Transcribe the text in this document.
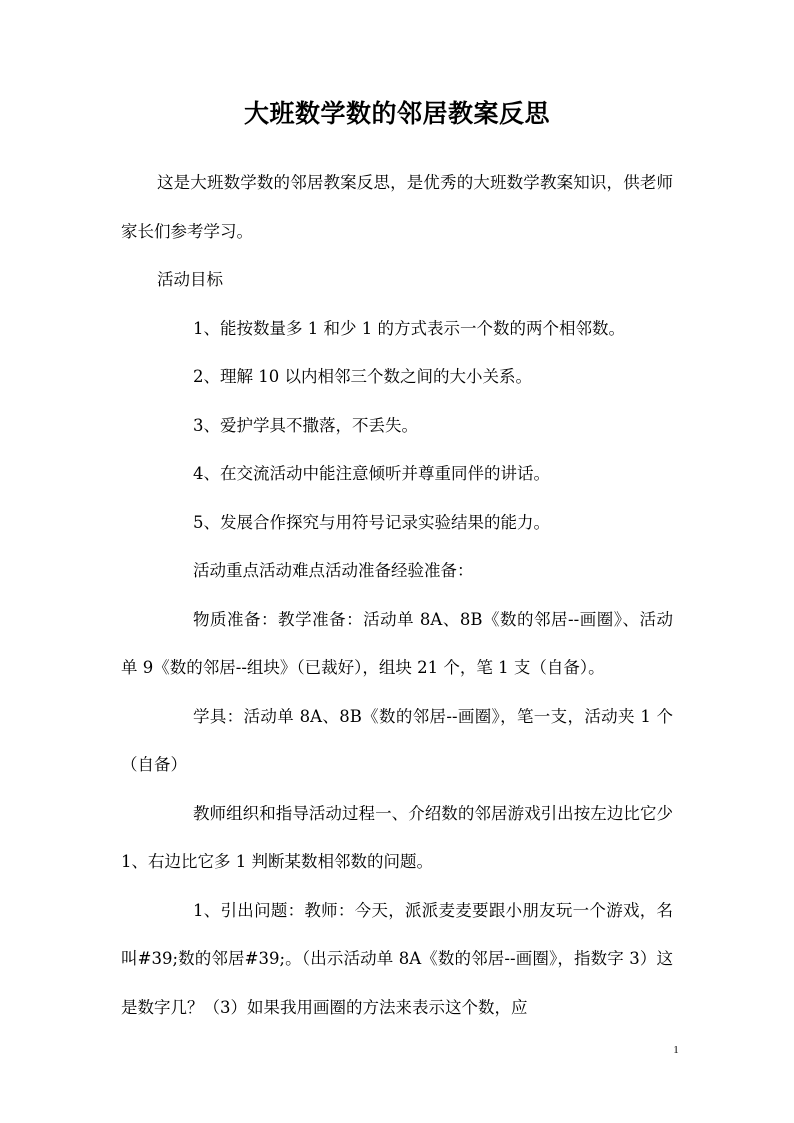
大班数学数的邻居教案反思

这是大班数学数的邻居教案反思，是优秀的大班数学教案知识，供老师家长们参考学习。

活动目标

1、能按数量多 1 和少 1 的方式表示一个数的两个相邻数。

2、理解 10 以内相邻三个数之间的大小关系。

3、爱护学具不撒落，不丢失。

4、在交流活动中能注意倾听并尊重同伴的讲话。

5、发展合作探究与用符号记录实验结果的能力。

活动重点活动难点活动准备经验准备：

物质准备：教学准备：活动单 8A、8B《数的邻居--画圈》、活动单 9《数的邻居--组块》（已裁好），组块 21 个，笔 1 支（自备）。

学具：活动单 8A、8B《数的邻居--画圈》，笔一支，活动夹 1 个（自备）

教师组织和指导活动过程一、介绍数的邻居游戏引出按左边比它少 1、右边比它多 1 判断某数相邻数的问题。

1、引出问题：教师：今天，派派麦麦要跟小朋友玩一个游戏，名叫#39;数的邻居#39;。（出示活动单 8A《数的邻居--画圈》，指数字 3）这是数字几？（3）如果我用画圈的方法来表示这个数，应

1
